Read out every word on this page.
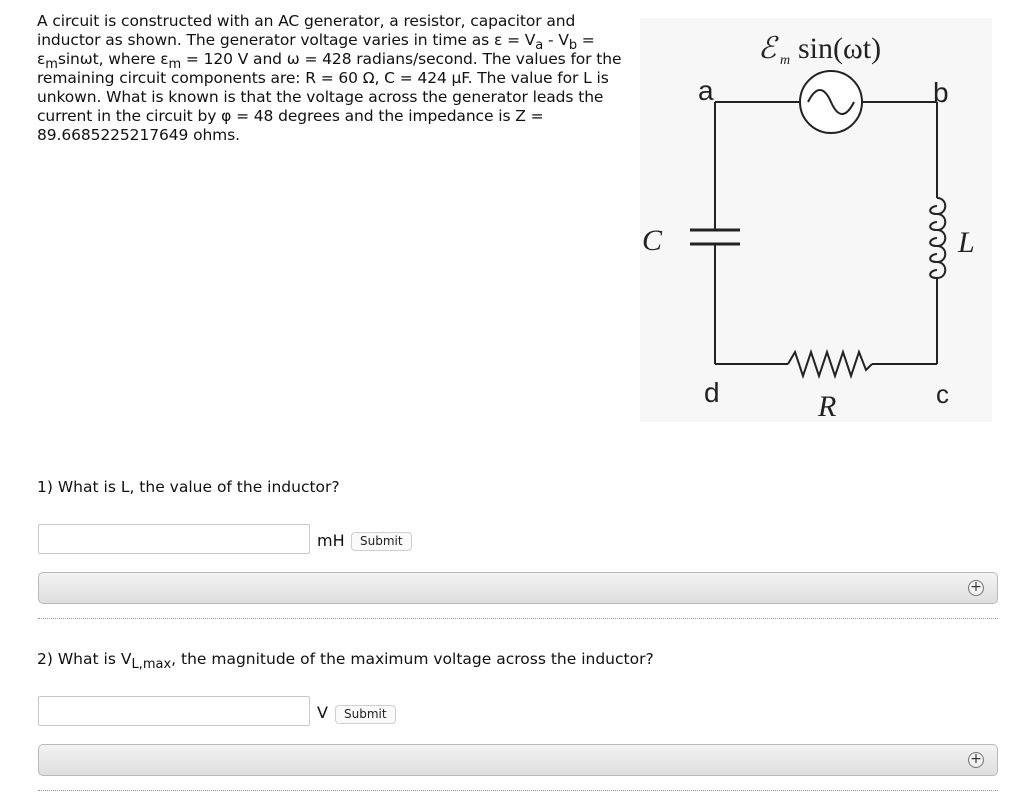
A circuit is constructed with an AC generator, a resistor, capacitor and inductor as shown. The generator voltage varies in time as $\varepsilon = V_a - V_b = \varepsilon_m\sin\omega t$, where $\varepsilon_m = 120$ V and ω = 428 radians/second. The values for the remaining circuit components are: R = 60 Ω, C = 424 μF. The value for L is unkown. What is known is that the voltage across the generator leads the current in the circuit by φ = 48 degrees and the impedance is Z = 89.6685225217649 ohms.
ℰ m sin(ωt)
a	b
c
d
C	L
R
1) What is L, the value of the inductor?
mH	Submit
+
2) What is $V_{L,max}$, the magnitude of the maximum voltage across the inductor?
V	Submit
+
